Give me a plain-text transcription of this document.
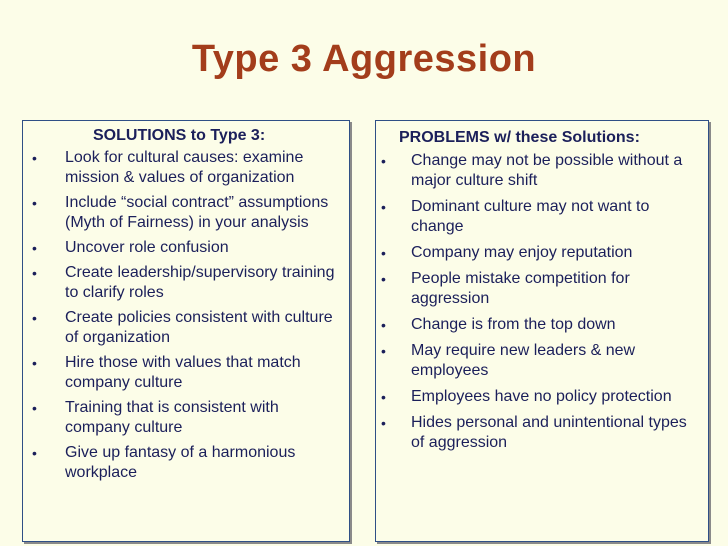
Type 3 Aggression
SOLUTIONS to Type 3:
• Look for cultural causes: examine mission & values of organization
• Include “social contract” assumptions (Myth of Fairness) in your analysis
• Uncover role confusion
• Create leadership/supervisory training to clarify roles
• Create policies consistent with culture of organization
• Hire those with values that match company culture
• Training that is consistent with company culture
• Give up fantasy of a harmonious workplace
PROBLEMS w/ these Solutions:
• Change may not be possible without a major culture shift
• Dominant culture may not want to change
• Company may enjoy reputation
• People mistake competition for aggression
• Change is from the top down
• May require new leaders & new employees
• Employees have no policy protection
• Hides personal and unintentional types of aggression
